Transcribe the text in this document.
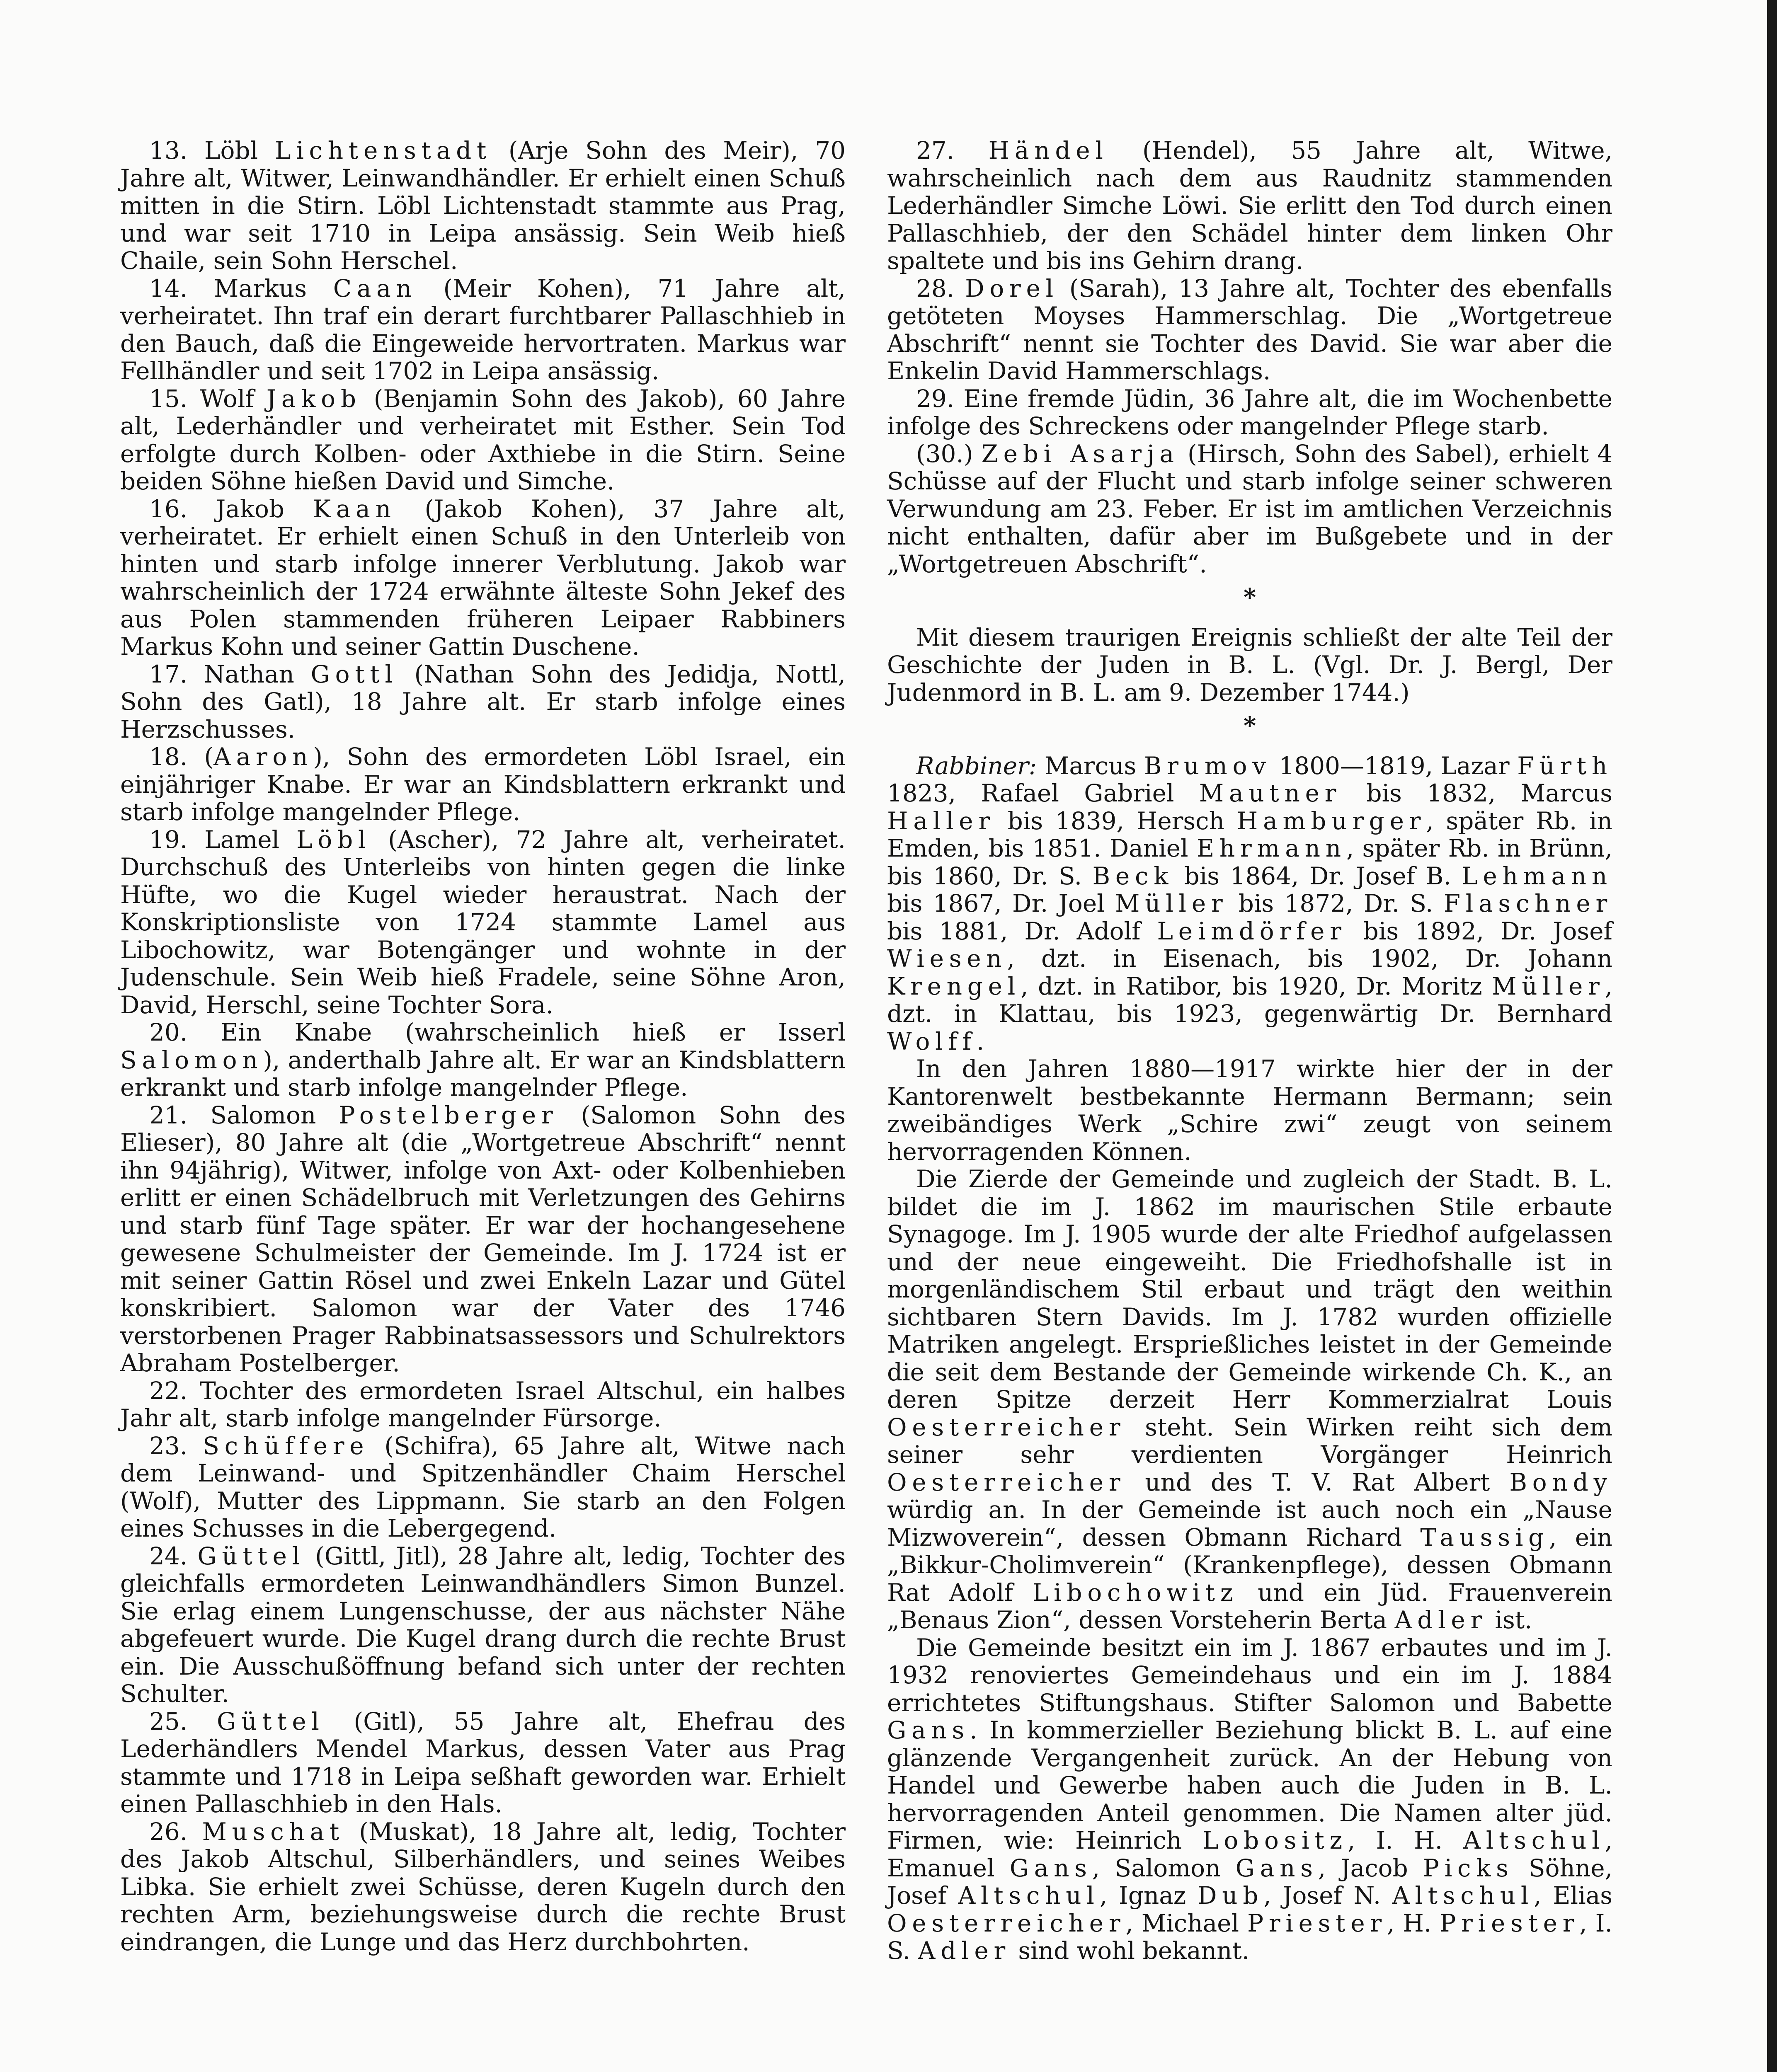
13. Löbl Lichtenstadt (Arje Sohn des Meir), 70 Jahre alt, Witwer, Leinwandhändler. Er erhielt einen Schuß mitten in die Stirn. Löbl Lichtenstadt stammte aus Prag, und war seit 1710 in Leipa ansässig. Sein Weib hieß Chaile, sein Sohn Herschel.

14. Markus Caan (Meir Kohen), 71 Jahre alt, verheiratet. Ihn traf ein derart furchtbarer Pallaschhieb in den Bauch, daß die Eingeweide hervortraten. Markus war Fellhändler und seit 1702 in Leipa ansässig.

15. Wolf Jakob (Benjamin Sohn des Jakob), 60 Jahre alt, Lederhändler und verheiratet mit Esther. Sein Tod erfolgte durch Kolben- oder Axthiebe in die Stirn. Seine beiden Söhne hießen David und Simche.

16. Jakob Kaan (Jakob Kohen), 37 Jahre alt, verheiratet. Er erhielt einen Schuß in den Unterleib von hinten und starb infolge innerer Verblutung. Jakob war wahrscheinlich der 1724 erwähnte älteste Sohn Jekef des aus Polen stammenden früheren Leipaer Rabbiners Markus Kohn und seiner Gattin Duschene.

17. Nathan Gottl (Nathan Sohn des Jedidja, Nottl, Sohn des Gatl), 18 Jahre alt. Er starb infolge eines Herzschusses.

18. (Aaron), Sohn des ermordeten Löbl Israel, ein einjähriger Knabe. Er war an Kindsblattern erkrankt und starb infolge mangelnder Pflege.

19. Lamel Löbl (Ascher), 72 Jahre alt, verheiratet. Durchschuß des Unterleibs von hinten gegen die linke Hüfte, wo die Kugel wieder heraustrat. Nach der Konskriptionsliste von 1724 stammte Lamel aus Libochowitz, war Botengänger und wohnte in der Judenschule. Sein Weib hieß Fradele, seine Söhne Aron, David, Herschl, seine Tochter Sora.

20. Ein Knabe (wahrscheinlich hieß er Isserl Salomon), anderthalb Jahre alt. Er war an Kindsblattern erkrankt und starb infolge mangelnder Pflege.

21. Salomon Postelberger (Salomon Sohn des Elieser), 80 Jahre alt (die „Wortgetreue Abschrift“ nennt ihn 94jährig), Witwer, infolge von Axt- oder Kolbenhieben erlitt er einen Schädelbruch mit Verletzungen des Gehirns und starb fünf Tage später. Er war der hochangesehene gewesene Schulmeister der Gemeinde. Im J. 1724 ist er mit seiner Gattin Rösel und zwei Enkeln Lazar und Gütel konskribiert. Salomon war der Vater des 1746 verstorbenen Prager Rabbinatsassessors und Schulrektors Abraham Postelberger.

22. Tochter des ermordeten Israel Altschul, ein halbes Jahr alt, starb infolge mangelnder Fürsorge.

23. Schüffere (Schifra), 65 Jahre alt, Witwe nach dem Leinwand- und Spitzenhändler Chaim Herschel (Wolf), Mutter des Lippmann. Sie starb an den Folgen eines Schusses in die Lebergegend.

24. Güttel (Gittl, Jitl), 28 Jahre alt, ledig, Tochter des gleichfalls ermordeten Leinwandhändlers Simon Bunzel. Sie erlag einem Lungenschusse, der aus nächster Nähe abgefeuert wurde. Die Kugel drang durch die rechte Brust ein. Die Ausschußöffnung befand sich unter der rechten Schulter.

25. Güttel (Gitl), 55 Jahre alt, Ehefrau des Lederhändlers Mendel Markus, dessen Vater aus Prag stammte und 1718 in Leipa seßhaft geworden war. Erhielt einen Pallaschhieb in den Hals.

26. Muschat (Muskat), 18 Jahre alt, ledig, Tochter des Jakob Altschul, Silberhändlers, und seines Weibes Libka. Sie erhielt zwei Schüsse, deren Kugeln durch den rechten Arm, beziehungsweise durch die rechte Brust eindrangen, die Lunge und das Herz durchbohrten.

27. Händel (Hendel), 55 Jahre alt, Witwe, wahrscheinlich nach dem aus Raudnitz stammenden Lederhändler Simche Löwi. Sie erlitt den Tod durch einen Pallaschhieb, der den Schädel hinter dem linken Ohr spaltete und bis ins Gehirn drang.

28. Dorel (Sarah), 13 Jahre alt, Tochter des ebenfalls getöteten Moyses Hammerschlag. Die „Wortgetreue Abschrift“ nennt sie Tochter des David. Sie war aber die Enkelin David Hammerschlags.

29. Eine fremde Jüdin, 36 Jahre alt, die im Wochenbette infolge des Schreckens oder mangelnder Pflege starb.

(30.) Zebi Asarja (Hirsch, Sohn des Sabel), erhielt 4 Schüsse auf der Flucht und starb infolge seiner schweren Verwundung am 23. Feber. Er ist im amtlichen Verzeichnis nicht enthalten, dafür aber im Bußgebete und in der „Wortgetreuen Abschrift“.

*

Mit diesem traurigen Ereignis schließt der alte Teil der Geschichte der Juden in B. L. (Vgl. Dr. J. Bergl, Der Judenmord in B. L. am 9. Dezember 1744.)

*

Rabbiner: Marcus Brumov 1800—1819, Lazar Fürth 1823, Rafael Gabriel Mautner bis 1832, Marcus Haller bis 1839, Hersch Hamburger, später Rb. in Emden, bis 1851. Daniel Ehrmann, später Rb. in Brünn, bis 1860, Dr. S. Beck bis 1864, Dr. Josef B. Lehmann bis 1867, Dr. Joel Müller bis 1872, Dr. S. Flaschner bis 1881, Dr. Adolf Leimdörfer bis 1892, Dr. Josef Wiesen, dzt. in Eisenach, bis 1902, Dr. Johann Krengel, dzt. in Ratibor, bis 1920, Dr. Moritz Müller, dzt. in Klattau, bis 1923, gegenwärtig Dr. Bernhard Wolff.

In den Jahren 1880—1917 wirkte hier der in der Kantorenwelt bestbekannte Hermann Bermann; sein zweibändiges Werk „Schire zwi“ zeugt von seinem hervorragenden Können.

Die Zierde der Gemeinde und zugleich der Stadt. B. L. bildet die im J. 1862 im maurischen Stile erbaute Synagoge. Im J. 1905 wurde der alte Friedhof aufgelassen und der neue eingeweiht. Die Friedhofshalle ist in morgenländischem Stil erbaut und trägt den weithin sichtbaren Stern Davids. Im J. 1782 wurden offizielle Matriken angelegt. Ersprießliches leistet in der Gemeinde die seit dem Bestande der Gemeinde wirkende Ch. K., an deren Spitze derzeit Herr Kommerzialrat Louis Oesterreicher steht. Sein Wirken reiht sich dem seiner sehr verdienten Vorgänger Heinrich Oesterreicher und des T. V. Rat Albert Bondy würdig an. In der Gemeinde ist auch noch ein „Nause Mizwoverein“, dessen Obmann Richard Taussig, ein „Bikkur-Cholimverein“ (Krankenpflege), dessen Obmann Rat Adolf Libochowitz und ein Jüd. Frauenverein „Benaus Zion“, dessen Vorsteherin Berta Adler ist.

Die Gemeinde besitzt ein im J. 1867 erbautes und im J. 1932 renoviertes Gemeindehaus und ein im J. 1884 errichtetes Stiftungshaus. Stifter Salomon und Babette Gans. In kommerzieller Beziehung blickt B. L. auf eine glänzende Vergangenheit zurück. An der Hebung von Handel und Gewerbe haben auch die Juden in B. L. hervorragenden Anteil genommen. Die Namen alter jüd. Firmen, wie: Heinrich Lobositz, I. H. Altschul, Emanuel Gans, Salomon Gans, Jacob Picks Söhne, Josef Altschul, Ignaz Dub, Josef N. Altschul, Elias Oesterreicher, Michael Priester, H. Priester, I. S. Adler sind wohl bekannt.
